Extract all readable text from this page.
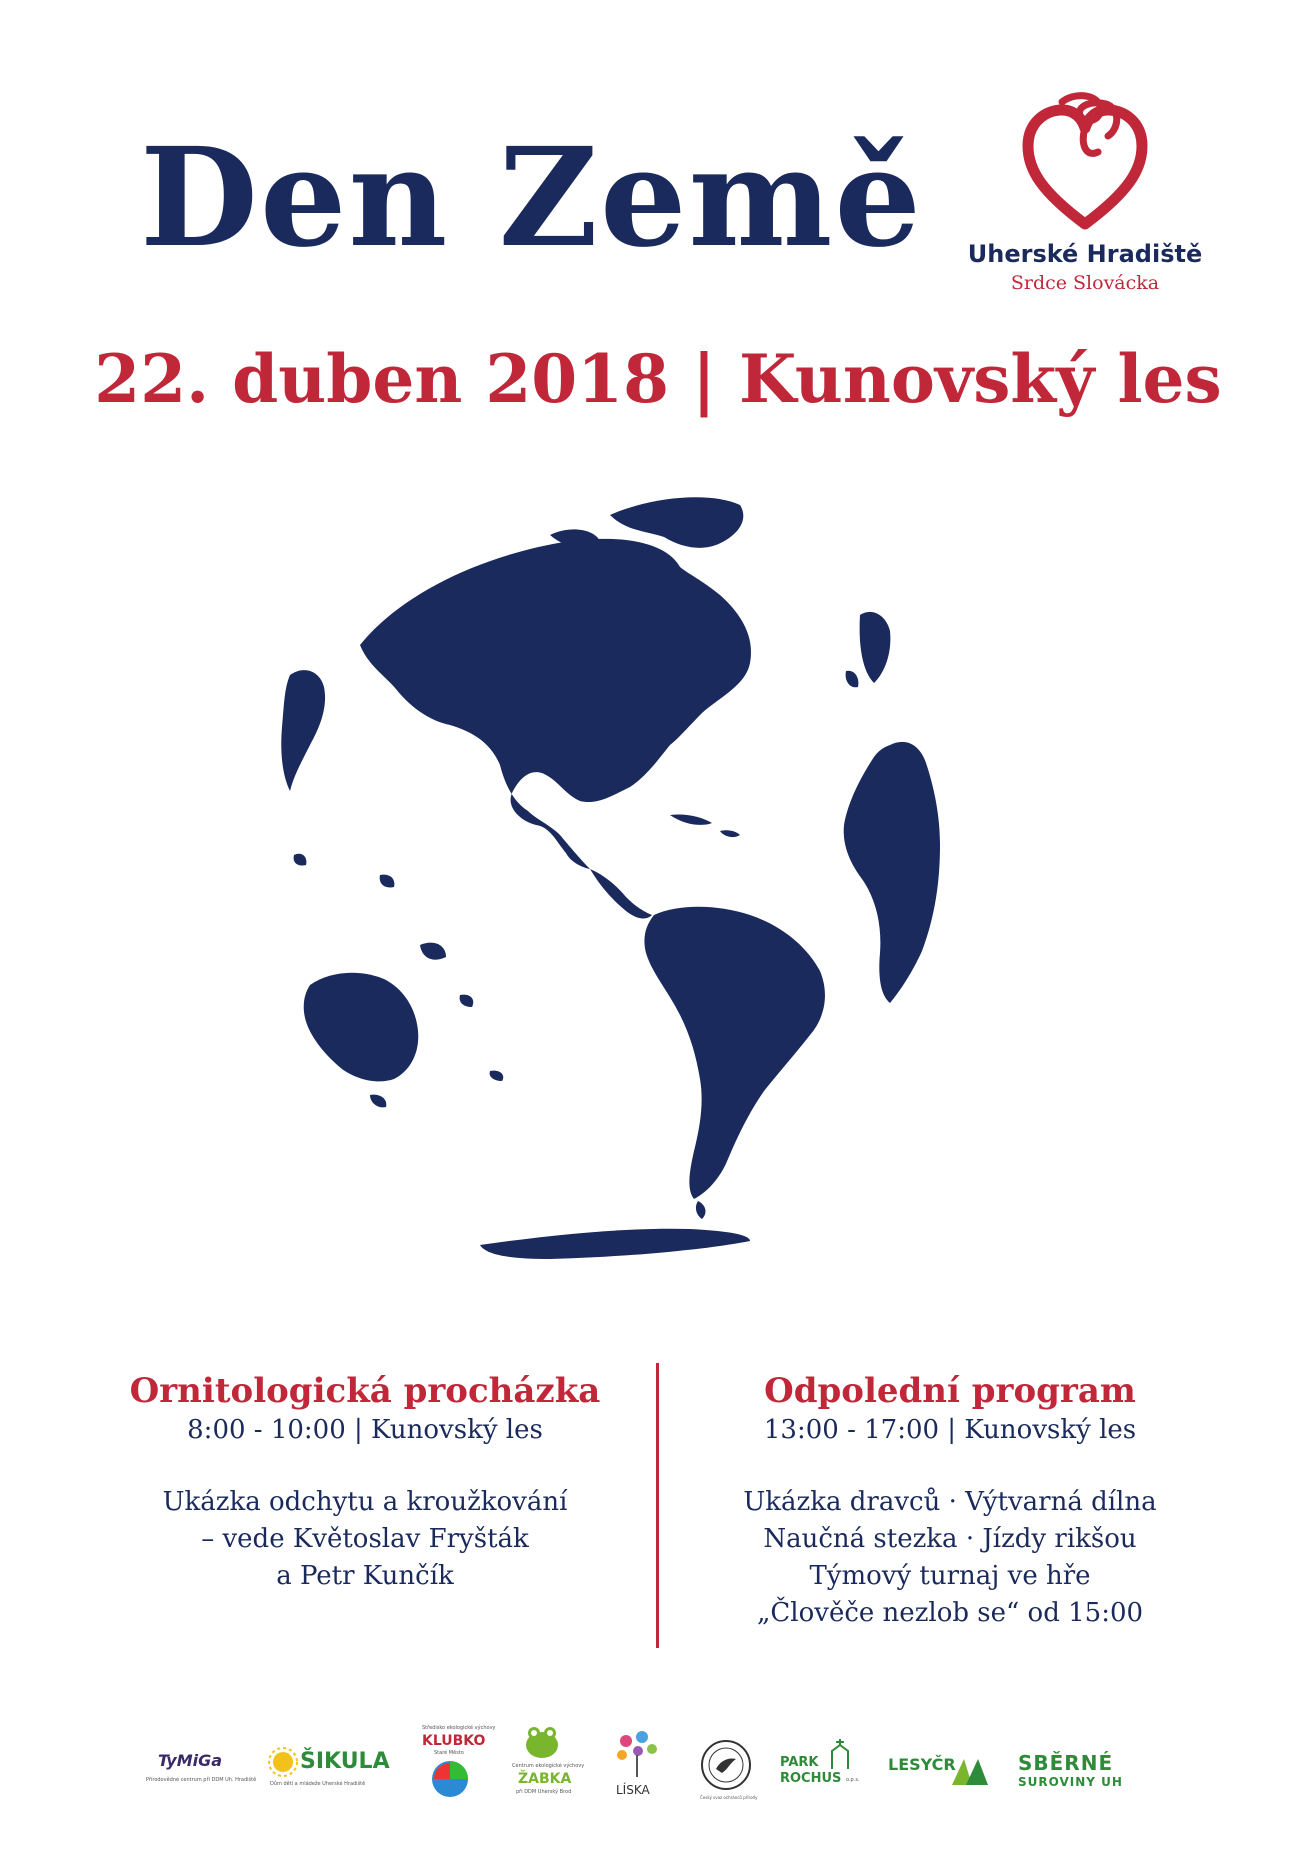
Den Země	Uherské Hradiště
Srdce Slovácka
22. duben 2018 | Kunovský les
Ornitologická procházka

8:00 - 10:00 | Kunovský les

Ukázka odchytu a kroužkování

– vede Květoslav Fryšták

a Petr Kunčík

Odpolední program

13:00 - 17:00 | Kunovský les

Ukázka dravců · Výtvarná dílna

Naučná stezka · Jízdy rikšou

Týmový turnaj ve hře

„Člověče nezlob se“ od 15:00

TyMiGa
Přírodovědné centrum při DDM Uh. Hradiště
ŠIKULA
Dům dětí a mládeže Uherské Hradiště
Středisko ekologické výchovy
KLUBKO
Staré Město
Centrum ekologické výchovy
ŽABKA
při DDM Uherský Brod	LÍSKA
Český svaz ochránců přírody
PARK
ROCHUS o.p.s.
LESYČR	SBĚRNÉ
SUROVINY UH
